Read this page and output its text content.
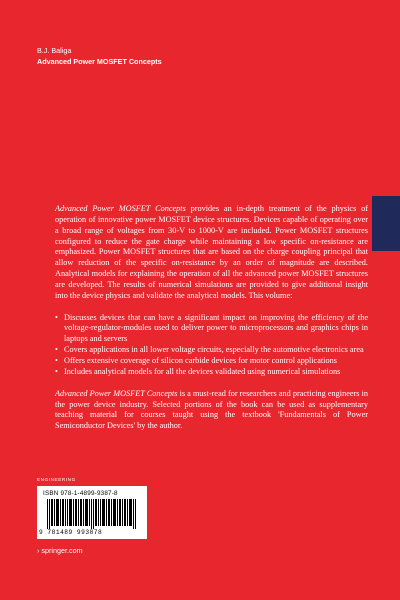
B.J. Baliga
Advanced Power MOSFET Concepts

Advanced Power MOSFET Concepts provides an in-depth treatment of the physics of operation of innovative power MOSFET device structures. Devices capable of operating over a broad range of voltages from 30-V to 1000-V are included. Power MOSFET structures configured to reduce the gate charge while maintaining a low specific on-resistance are emphasized. Power MOSFET structures that are based on the charge coupling principal that allow reduction of the specific on-resistance by an order of magnitude are described. Analytical models for explaining the operation of all the advanced power MOSFET structures are developed. The results of numerical simulations are provided to give additional insight into the device physics and validate the analytical models. This volume:

• Discusses devices that can have a significant impact on improving the efficiency of the voltage-regulator-modules used to deliver power to microprocessors and graphics chips in laptops and servers
• Covers applications in all lower voltage circuits, especially the automotive electronics area
• Offers extensive coverage of silicon carbide devices for motor control applications
• Includes analytical models for all the devices validated using numerical simulations

Advanced Power MOSFET Concepts is a must-read for researchers and practicing engineers in the power device industry. Selected portions of the book can be used as supplementary teaching material for courses taught using the textbook 'Fundamentals of Power Semiconductor Devices' by the author.

ENGINEERING
ISBN 978-1-4899-9387-8
9 781489 993878
› springer.com
